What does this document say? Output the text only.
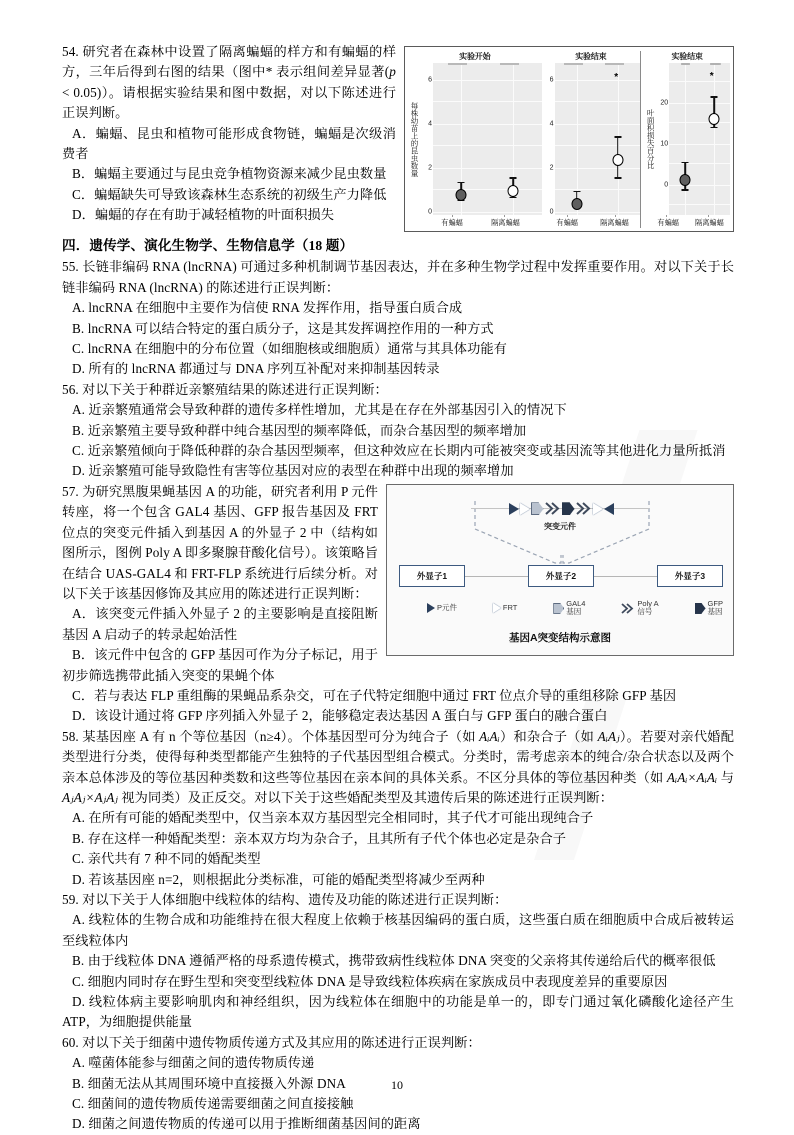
实验开始
每株幼苗上的昆虫数量
6
4
2
0
有蝙蝠	隔离蝙蝠
实验结束
6
4
2
0
*
有蝙蝠	隔离蝙蝠
实验结束
叶面积损失百分比
20
10
0
*
有蝙蝠 隔离蝙蝠

54. 研究者在森林中设置了隔离蝙蝠的样方和有蝙蝠的样方，三年后得到右图的结果（图中* 表示组间差异显著(p < 0.05)）。请根据实验结果和图中数据，对以下陈述进行正误判断。

A．蝙蝠、昆虫和植物可能形成食物链，蝙蝠是次级消费者

B．蝙蝠主要通过与昆虫竞争植物资源来减少昆虫数量

C．蝙蝠缺失可导致该森林生态系统的初级生产力降低

D．蝙蝠的存在有助于减轻植物的叶面积损失

四．遗传学、演化生物学、生物信息学（18 题）

55. 长链非编码 RNA (lncRNA) 可通过多种机制调节基因表达，并在多种生物学过程中发挥重要作用。对以下关于长链非编码 RNA (lncRNA) 的陈述进行正误判断：

A. lncRNA 在细胞中主要作为信使 RNA 发挥作用，指导蛋白质合成

B. lncRNA 可以结合特定的蛋白质分子，这是其发挥调控作用的一种方式

C. lncRNA 在细胞中的分布位置（如细胞核或细胞质）通常与其具体功能有

D. 所有的 lncRNA 都通过与 DNA 序列互补配对来抑制基因转录

56. 对以下关于种群近亲繁殖结果的陈述进行正误判断：

A. 近亲繁殖通常会导致种群的遗传多样性增加，尤其是在存在外部基因引入的情况下

B. 近亲繁殖主要导致种群中纯合基因型的频率降低，而杂合基因型的频率增加

C. 近亲繁殖倾向于降低种群的杂合基因型频率，但这种效应在长期内可能被突变或基因流等其他进化力量所抵消

D. 近亲繁殖可能导致隐性有害等位基因对应的表型在种群中出现的频率增加

突变元件
外显子1	外显子2	外显子3
P元件	FRT	GAL4
基因
Poly A
信号
GFP
基因
基因A突变结构示意图

57. 为研究黑腹果蝇基因 A 的功能，研究者利用 P 元件转座，将一个包含 GAL4 基因、GFP 报告基因及 FRT 位点的突变元件插入到基因 A 的外显子 2 中（结构如图所示，图例 Poly A 即多聚腺苷酸化信号）。该策略旨在结合 UAS-GAL4 和 FRT-FLP 系统进行后续分析。对以下关于该基因修饰及其应用的陈述进行正误判断：

A．该突变元件插入外显子 2 的主要影响是直接阻断基因 A 启动子的转录起始活性

B．该元件中包含的 GFP 基因可作为分子标记，用于初步筛选携带此插入突变的果蝇个体

C．若与表达 FLP 重组酶的果蝇品系杂交，可在子代特定细胞中通过 FRT 位点介导的重组移除 GFP 基因

D．该设计通过将 GFP 序列插入外显子 2，能够稳定表达基因 A 蛋白与 GFP 蛋白的融合蛋白

58. 某基因座 A 有 n 个等位基因（n≥4）。个体基因型可分为纯合子（如 AᵢAᵢ）和杂合子（如 AᵢAⱼ）。若要对亲代婚配类型进行分类，使得每种类型都能产生独特的子代基因型组合模式。分类时，需考虑亲本的纯合/杂合状态以及两个亲本总体涉及的等位基因种类数和这些等位基因在亲本间的具体关系。不区分具体的等位基因种类（如 AᵢAᵢ×AᵢAᵢ 与 AⱼAⱼ×AⱼAⱼ 视为同类）及正反交。对以下关于这些婚配类型及其遗传后果的陈述进行正误判断：

A. 在所有可能的婚配类型中，仅当亲本双方基因型完全相同时，其子代才可能出现纯合子

B. 存在这样一种婚配类型：亲本双方均为杂合子，且其所有子代个体也必定是杂合子

C. 亲代共有 7 种不同的婚配类型

D. 若该基因座 n=2，则根据此分类标准，可能的婚配类型将减少至两种

59. 对以下关于人体细胞中线粒体的结构、遗传及功能的陈述进行正误判断：

A. 线粒体的生物合成和功能维持在很大程度上依赖于核基因编码的蛋白质，这些蛋白质在细胞质中合成后被转运至线粒体内

B. 由于线粒体 DNA 遵循严格的母系遗传模式，携带致病性线粒体 DNA 突变的父亲将其传递给后代的概率很低

C. 细胞内同时存在野生型和突变型线粒体 DNA 是导致线粒体疾病在家族成员中表现度差异的重要原因

D. 线粒体病主要影响肌肉和神经组织，因为线粒体在细胞中的功能是单一的，即专门通过氧化磷酸化途径产生 ATP，为细胞提供能量

60. 对以下关于细菌中遗传物质传递方式及其应用的陈述进行正误判断：

A. 噬菌体能参与细菌之间的遗传物质传递

B. 细菌无法从其周围环境中直接摄入外源 DNA

C. 细菌间的遗传物质传递需要细菌之间直接接触

D. 细菌之间遗传物质的传递可以用于推断细菌基因间的距离

10
